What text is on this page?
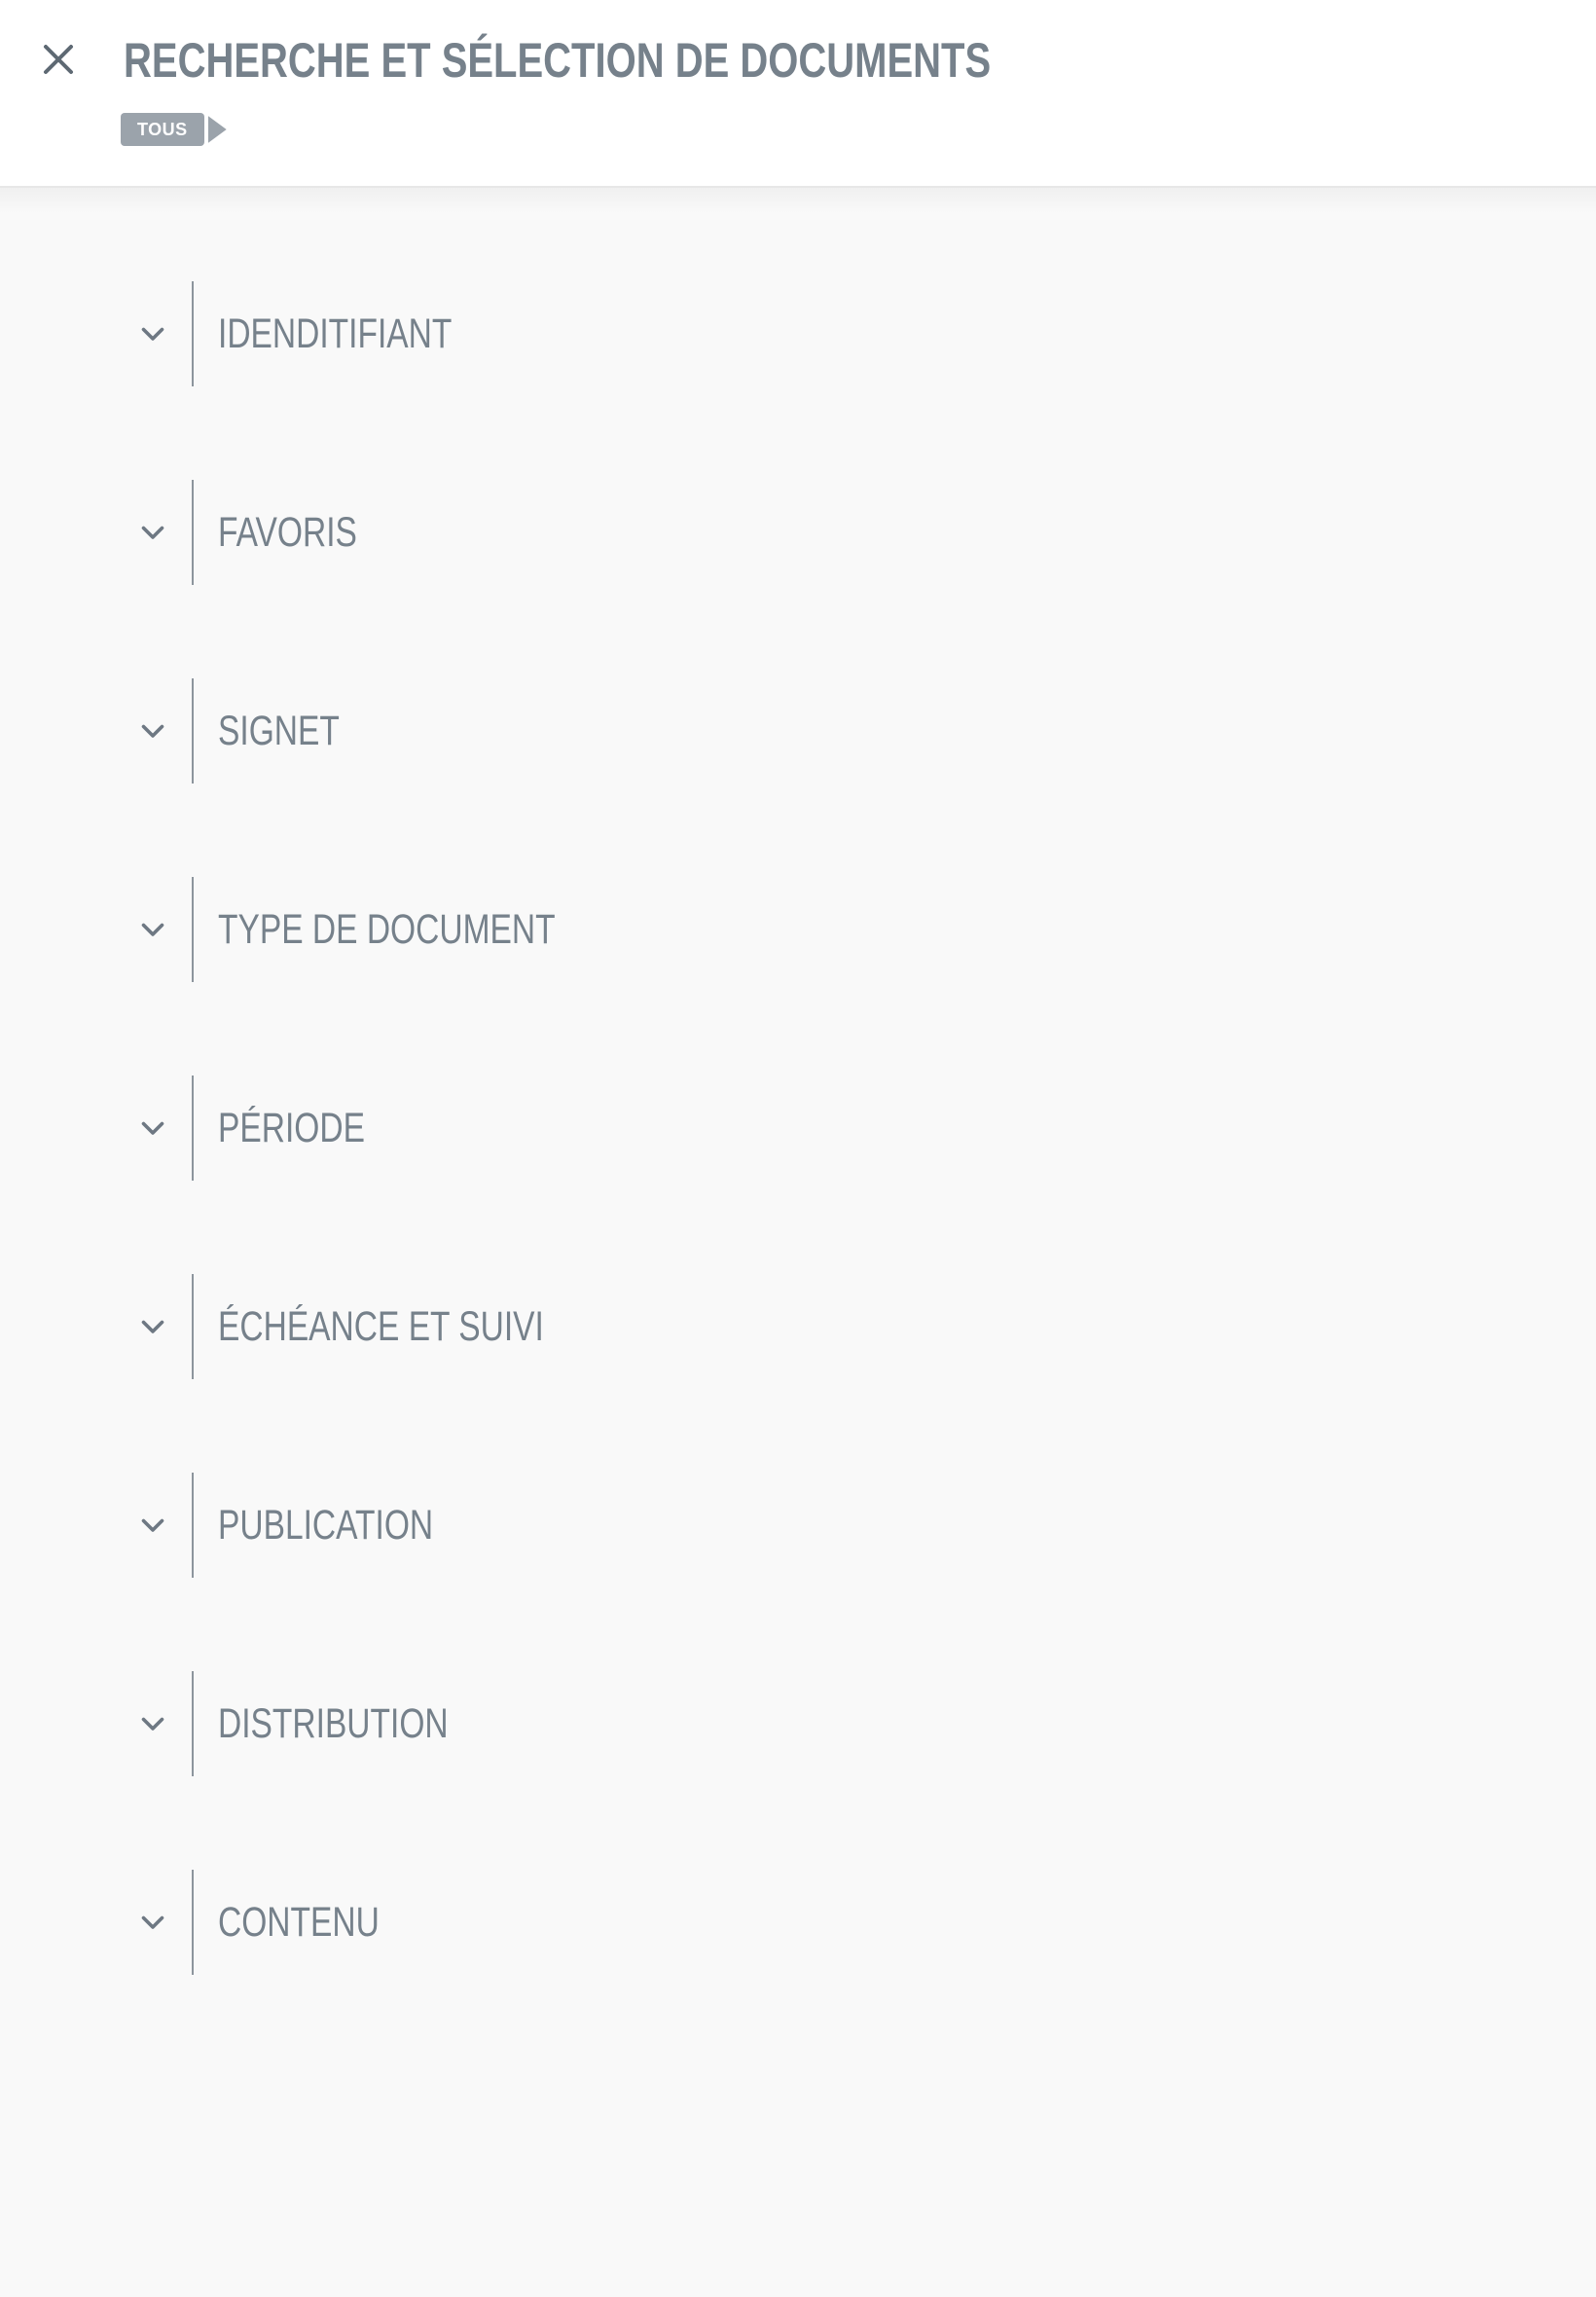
RECHERCHE ET SÉLECTION DE DOCUMENTS
TOUS
IDENDITIFIANT
FAVORIS
SIGNET
TYPE DE DOCUMENT
PÉRIODE
ÉCHÉANCE ET SUIVI
PUBLICATION
DISTRIBUTION
CONTENU
